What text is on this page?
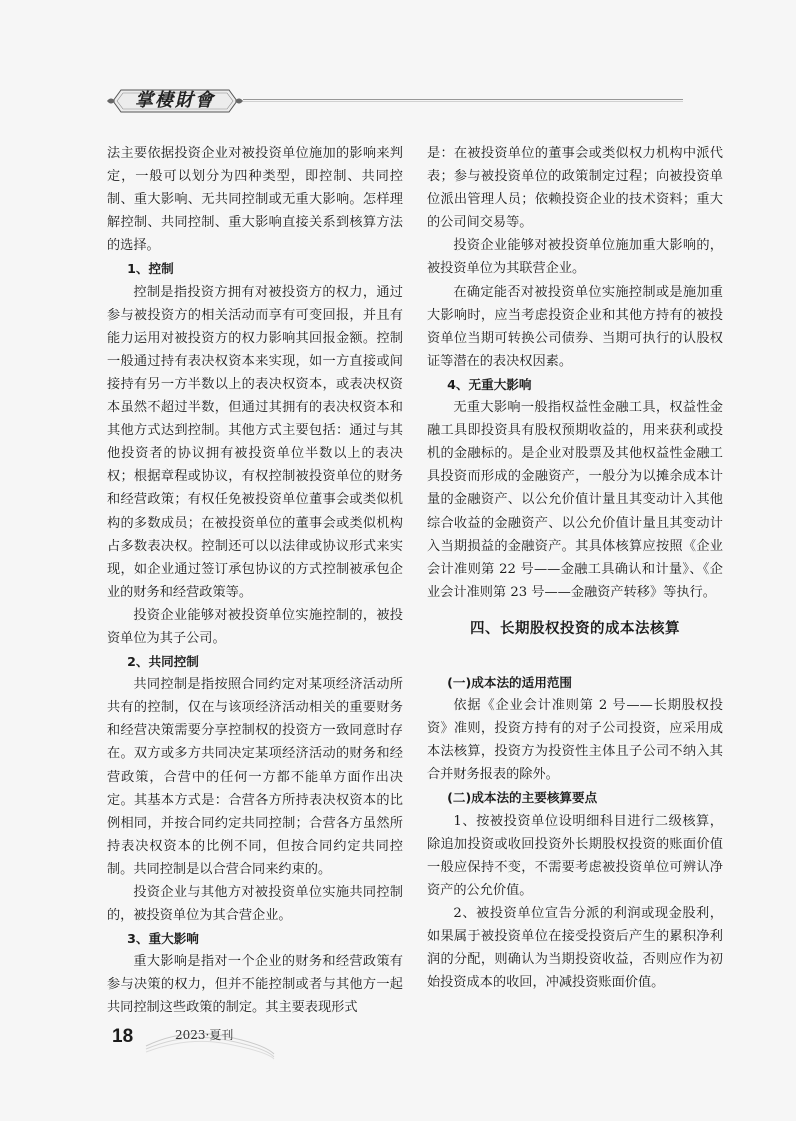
掌棲財會

法主要依据投资企业对被投资单位施加的影响来判定，一般可以划分为四种类型，即控制、共同控制、重大影响、无共同控制或无重大影响。怎样理解控制、共同控制、重大影响直接关系到核算方法的选择。

1、控制

控制是指投资方拥有对被投资方的权力，通过参与被投资方的相关活动而享有可变回报，并且有能力运用对被投资方的权力影响其回报金额。控制一般通过持有表决权资本来实现，如一方直接或间接持有另一方半数以上的表决权资本，或表决权资本虽然不超过半数，但通过其拥有的表决权资本和其他方式达到控制。其他方式主要包括：通过与其他投资者的协议拥有被投资单位半数以上的表决权；根据章程或协议，有权控制被投资单位的财务和经营政策；有权任免被投资单位董事会或类似机构的多数成员；在被投资单位的董事会或类似机构占多数表决权。控制还可以以法律或协议形式来实现，如企业通过签订承包协议的方式控制被承包企业的财务和经营政策等。

投资企业能够对被投资单位实施控制的，被投资单位为其子公司。

2、共同控制

共同控制是指按照合同约定对某项经济活动所共有的控制，仅在与该项经济活动相关的重要财务和经营决策需要分享控制权的投资方一致同意时存在。双方或多方共同决定某项经济活动的财务和经营政策，合营中的任何一方都不能单方面作出决定。其基本方式是：合营各方所持表决权资本的比例相同，并按合同约定共同控制；合营各方虽然所持表决权资本的比例不同，但按合同约定共同控制。共同控制是以合营合同来约束的。

投资企业与其他方对被投资单位实施共同控制的，被投资单位为其合营企业。

3、重大影响

重大影响是指对一个企业的财务和经营政策有参与决策的权力，但并不能控制或者与其他方一起共同控制这些政策的制定。其主要表现形式

是：在被投资单位的董事会或类似权力机构中派代表；参与被投资单位的政策制定过程；向被投资单位派出管理人员；依赖投资企业的技术资料；重大的公司间交易等。

投资企业能够对被投资单位施加重大影响的，被投资单位为其联营企业。

在确定能否对被投资单位实施控制或是施加重大影响时，应当考虑投资企业和其他方持有的被投资单位当期可转换公司债券、当期可执行的认股权证等潜在的表决权因素。

4、无重大影响

无重大影响一般指权益性金融工具，权益性金融工具即投资具有股权预期收益的，用来获利或投机的金融标的。是企业对股票及其他权益性金融工具投资而形成的金融资产，一般分为以摊余成本计量的金融资产、以公允价值计量且其变动计入其他综合收益的金融资产、以公允价值计量且其变动计入当期损益的金融资产。其具体核算应按照《企业会计准则第 22 号——金融工具确认和计量》、《企业会计准则第 23 号——金融资产转移》等执行。

四、长期股权投资的成本法核算

(一)成本法的适用范围

依据《企业会计准则第 2 号——长期股权投资》准则，投资方持有的对子公司投资，应采用成本法核算，投资方为投资性主体且子公司不纳入其合并财务报表的除外。

(二)成本法的主要核算要点

1、按被投资单位设明细科目进行二级核算，除追加投资或收回投资外长期股权投资的账面价值一般应保持不变，不需要考虑被投资单位可辨认净资产的公允价值。

2、被投资单位宣告分派的利润或现金股利，如果属于被投资单位在接受投资后产生的累积净利润的分配，则确认为当期投资收益，否则应作为初始投资成本的收回，冲减投资账面价值。

18	2023·夏刊
